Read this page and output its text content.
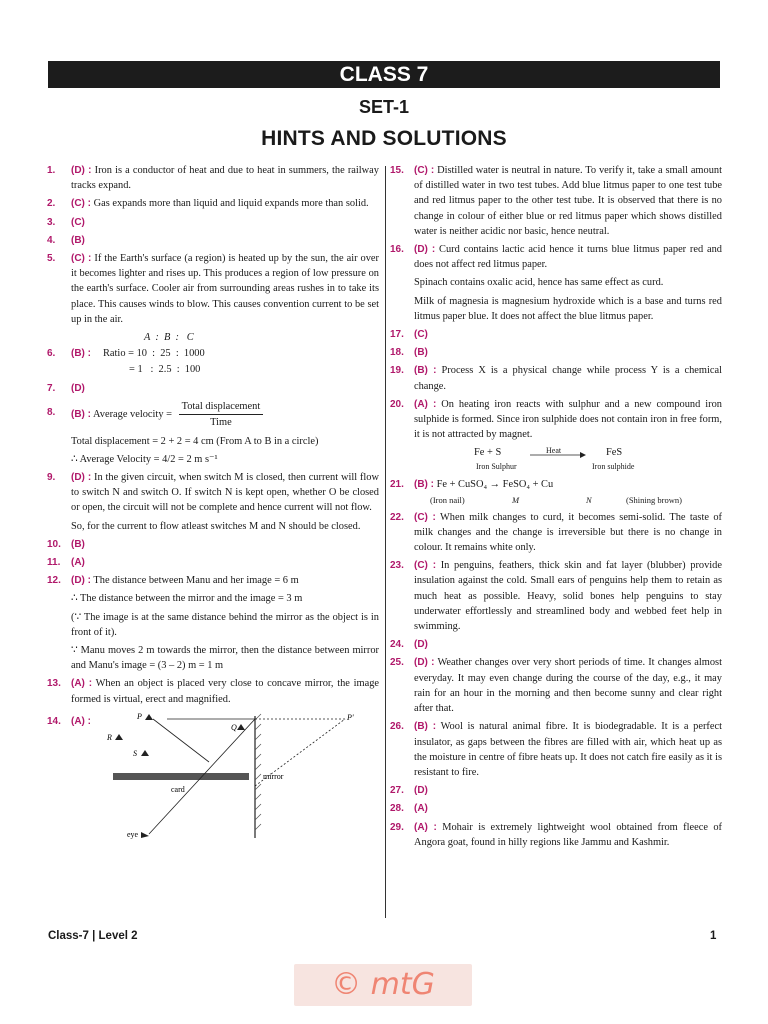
CLASS 7
SET-1
HINTS AND SOLUTIONS
1. (D) : Iron is a conductor of heat and due to heat in summers, the railway tracks expand.
2. (C) : Gas expands more than liquid and liquid expands more than solid.
3. (C)
4. (B)
5. (C) : If the Earth's surface (a region) is heated up by the sun, the air over it becomes lighter and rises up. This produces a region of low pressure on the earth's surface. Cooler air from surrounding areas rushes in to take its place. This causes winds to blow. This causes convention current to be set up in the air.
6. (B) :
A  :  B  :   C
Ratio = 10  :  25  :  1000
= 1   :  2.5  :  100
7. (D)
8. (B) : Average velocity = $\frac{\text{Total displacement}}{\text{Time}}$
Total displacement = 2 + 2 = 4 cm (From A to B in a circle)
∴ Average Velocity = 4/2 = 2 m s⁻¹
9. (D) : In the given circuit, when switch M is closed, then current will flow to switch N and switch O. If switch N is kept open, whether O be closed or open, the circuit will not be complete and hence current will not flow.
So, for the current to flow atleast switches M and N should be closed.
10. (B)
11. (A)
12. (D) : The distance between Manu and her image = 6 m
∴ The distance between the mirror and the image = 3 m
(∵ The image is at the same distance behind the mirror as the object is in front of it).
∵ Manu moves 2 m towards the mirror, then the distance between mirror and Manu's image = (3 – 2) m = 1 m
13. (A) : When an object is placed very close to concave mirror, the image formed is virtual, erect and magnified.
14. (A) :	P
Q
R
S
P'
card
mirror
eye
15. (C) : Distilled water is neutral in nature. To verify it, take a small amount of distilled water in two test tubes. Add blue litmus paper to one test tube and red litmus paper to the other test tube. It is observed that there is no change in colour of either blue or red litmus paper which shows distilled water is neither acidic nor basic, hence neutral.
16. (D) : Curd contains lactic acid hence it turns blue litmus paper red and does not affect red litmus paper.
Spinach contains oxalic acid, hence has same effect as curd.
Milk of magnesia is magnesium hydroxide which is a base and turns red litmus paper blue. It does not affect the blue litmus paper.
17. (C)
18. (B)
19. (B) : Process X is a physical change while process Y is a chemical change.
20. (A) : On heating iron reacts with sulphur and a new compound iron sulphide is formed. Since iron sulphide does not contain iron in free form, it is not attracted by magnet.
Fe + S	Heat	FeS
Iron Sulphur	Iron sulphide
21. (B) : Fe + CuSO₄ → FeSO₄ + Cu
(Iron nail)	M	N	(Shining brown)
22. (C) : When milk changes to curd, it becomes semi-solid. The taste of milk changes and the change is irreversible but there is no change in colour. It remains white only.
23. (C) : In penguins, feathers, thick skin and fat layer (blubber) provide insulation against the cold. Small ears of penguins help them to retain as much heat as possible. Heavy, solid bones help penguins to stay underwater effortlessly and streamlined body and webbed feet help in swimming.
24. (D)
25. (D) : Weather changes over very short periods of time. It changes almost everyday. It may even change during the course of the day, e.g., it may rain for an hour in the morning and then become sunny and clear right after that.
26. (B) : Wool is natural animal fibre. It is biodegradable. It is a perfect insulator, as gaps between the fibres are filled with air, which heat up as the moisture in centre of fibre heats up. It does not catch fire easily as it is resistant to fire.
27. (D)
28. (A)
29. (A) : Mohair is extremely lightweight wool obtained from fleece of Angora goat, found in hilly regions like Jammu and Kashmir.
Class-7 | Level 2	1
© mtG
